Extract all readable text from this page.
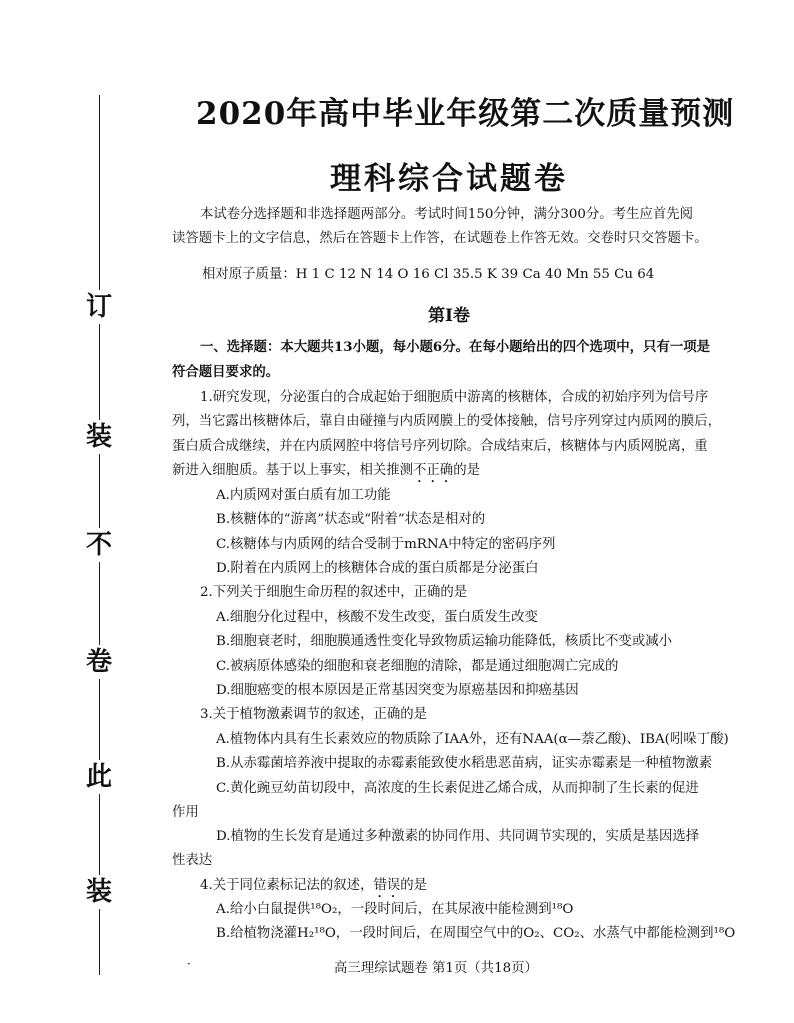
订
装
不
卷
此
装
2020年高中毕业年级第二次质量预测
理科综合试题卷
本试卷分选择题和非选择题两部分。考试时间150分钟，满分300分。考生应首先阅
读答题卡上的文字信息，然后在答题卡上作答，在试题卷上作答无效。交卷时只交答题卡。
相对原子质量：H 1 C 12 N 14 O 16 Cl 35.5 K 39 Ca 40 Mn 55 Cu 64
第Ⅰ卷
一、选择题：本大题共13小题，每小题6分。在每小题给出的四个选项中，只有一项是
符合题目要求的。
1.研究发现，分泌蛋白的合成起始于细胞质中游离的核糖体，合成的初始序列为信号序
列，当它露出核糖体后，靠自由碰撞与内质网膜上的受体接触，信号序列穿过内质网的膜后，
蛋白质合成继续，并在内质网腔中将信号序列切除。合成结束后，核糖体与内质网脱离，重
新进入细胞质。基于以上事实，相关推测不正确的是
A.内质网对蛋白质有加工功能
B.核糖体的“游离”状态或“附着”状态是相对的
C.核糖体与内质网的结合受制于mRNA中特定的密码序列
D.附着在内质网上的核糖体合成的蛋白质都是分泌蛋白
2.下列关于细胞生命历程的叙述中，正确的是
A.细胞分化过程中，核酸不发生改变，蛋白质发生改变
B.细胞衰老时，细胞膜通透性变化导致物质运输功能降低，核质比不变或减小
C.被病原体感染的细胞和衰老细胞的清除，都是通过细胞凋亡完成的
D.细胞癌变的根本原因是正常基因突变为原癌基因和抑癌基因
3.关于植物激素调节的叙述，正确的是
A.植物体内具有生长素效应的物质除了IAA外，还有NAA(α—萘乙酸)、IBA(吲哚丁酸)
B.从赤霉菌培养液中提取的赤霉素能致使水稻患恶苗病，证实赤霉素是一种植物激素
C.黄化豌豆幼苗切段中，高浓度的生长素促进乙烯合成，从而抑制了生长素的促进
作用
D.植物的生长发育是通过多种激素的协同作用、共同调节实现的，实质是基因选择
性表达
4.关于同位素标记法的叙述，错误的是
A.给小白鼠提供¹⁸O₂，一段时间后，在其尿液中能检测到¹⁸O
B.给植物浇灌H₂¹⁸O，一段时间后，在周围空气中的O₂、CO₂、水蒸气中都能检测到¹⁸O
·	高三理综试题卷 第1页（共18页）
